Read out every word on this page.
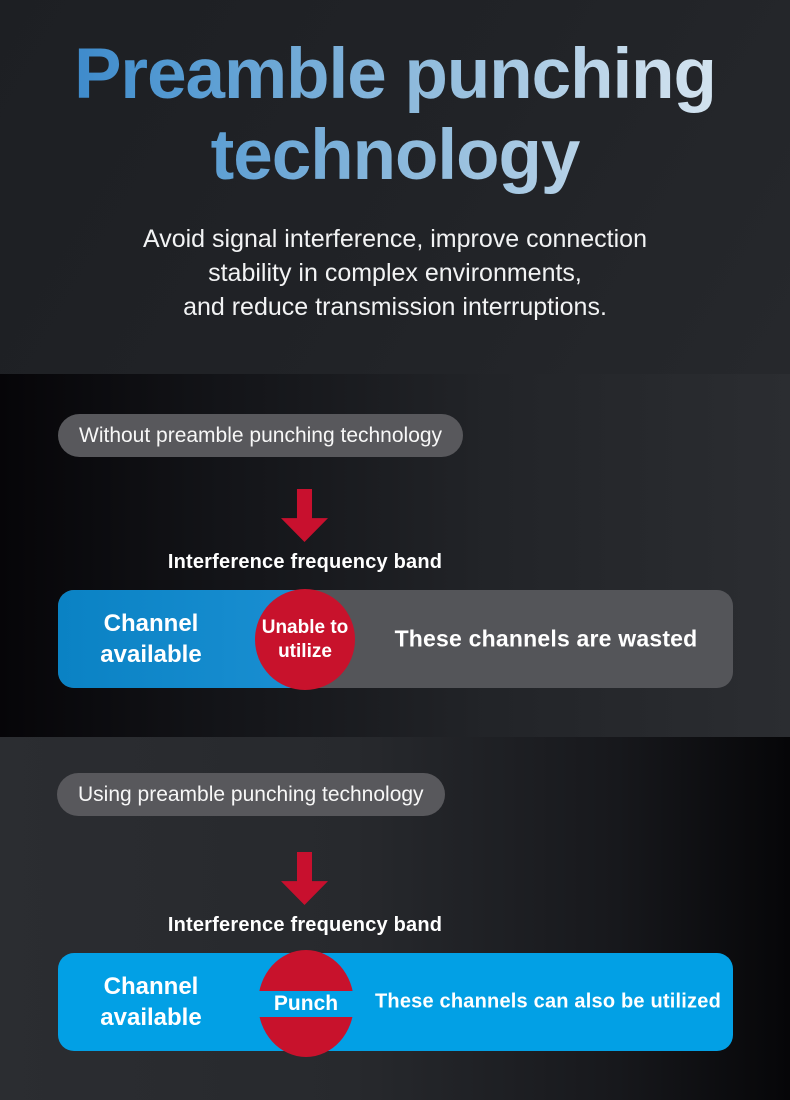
Preamble punching
technology
Avoid signal interference, improve connection
stability in complex environments,
and reduce transmission interruptions.
Without preamble punching technology
Interference frequency band
Channel available
Unable to utilize	These channels are wasted
Using preamble punching technology
Interference frequency band
Channel available
Punch	These channels can also be utilized
